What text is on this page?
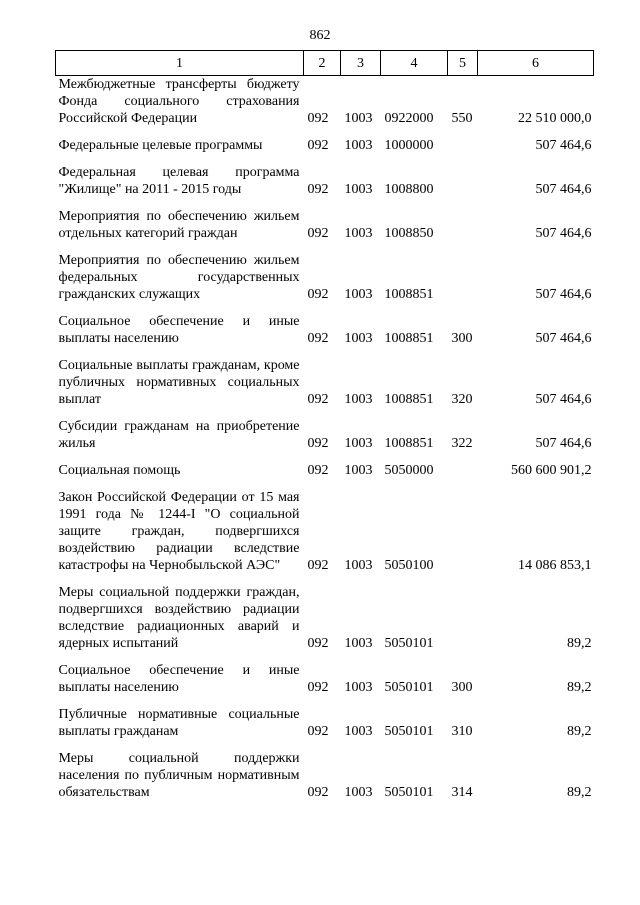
862
1	2	3	4	5	6
Межбюджетные трансферты бюджету Фонда социального страхования Российской Федерации	092	1003	0922000	550	22 510 000,0
Федеральные целевые программы	092	1003	1000000		507 464,6
Федеральная целевая программа "Жилище" на 2011 - 2015 годы	092	1003	1008800		507 464,6
Мероприятия по обеспечению жильем отдельных категорий граждан	092	1003	1008850		507 464,6
Мероприятия по обеспечению жильем федеральных государственных гражданских служащих	092	1003	1008851		507 464,6
Социальное обеспечение и иные выплаты населению	092	1003	1008851	300	507 464,6
Социальные выплаты гражданам, кроме публичных нормативных социальных выплат	092	1003	1008851	320	507 464,6
Субсидии гражданам на приобретение жилья	092	1003	1008851	322	507 464,6
Социальная помощь	092	1003	5050000		560 600 901,2
Закон Российской Федерации от 15 мая 1991 года № 1244-I "О социальной защите граждан, подвергшихся воздействию радиации вследствие катастрофы на Чернобыльской АЭС"	092	1003	5050100		14 086 853,1
Меры социальной поддержки граждан, подвергшихся воздействию радиации вследствие радиационных аварий и ядерных испытаний	092	1003	5050101		89,2
Социальное обеспечение и иные выплаты населению	092	1003	5050101	300	89,2
Публичные нормативные социальные выплаты гражданам	092	1003	5050101	310	89,2
Меры социальной поддержки населения по публичным нормативным обязательствам	092	1003	5050101	314	89,2
